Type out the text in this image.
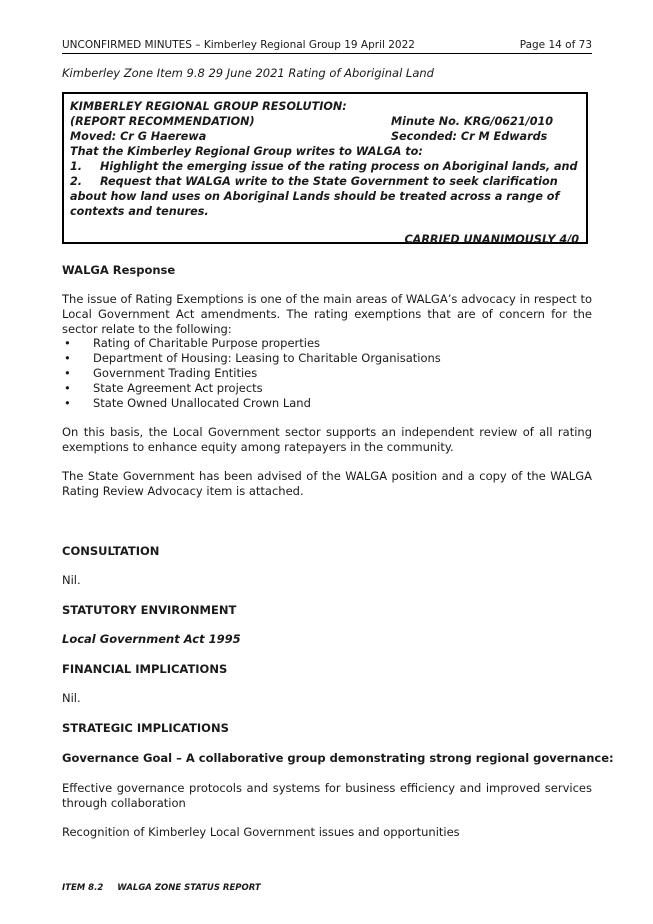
UNCONFIRMED MINUTES – Kimberley Regional Group 19 April 2022	Page 14 of 73
Kimberley Zone Item 9.8 29 June 2021 Rating of Aboriginal Land
KIMBERLEY REGIONAL GROUP RESOLUTION:
(REPORT RECOMMENDATION)	Minute No. KRG/0621/010
Moved: Cr G Haerewa	Seconded: Cr M Edwards
That the Kimberley Regional Group writes to WALGA to:
1. Highlight the emerging issue of the rating process on Aboriginal lands, and
2. Request that WALGA write to the State Government to seek clarification about how land uses on Aboriginal Lands should be treated across a range of contexts and tenures.
CARRIED UNANIMOUSLY 4/0
WALGA Response
The issue of Rating Exemptions is one of the main areas of WALGA’s advocacy in respect to Local Government Act amendments. The rating exemptions that are of concern for the sector relate to the following:
• Rating of Charitable Purpose properties
• Department of Housing: Leasing to Charitable Organisations
• Government Trading Entities
• State Agreement Act projects
• State Owned Unallocated Crown Land
On this basis, the Local Government sector supports an independent review of all rating exemptions to enhance equity among ratepayers in the community.
The State Government has been advised of the WALGA position and a copy of the WALGA Rating Review Advocacy item is attached.
CONSULTATION
Nil.
STATUTORY ENVIRONMENT
Local Government Act 1995
FINANCIAL IMPLICATIONS
Nil.
STRATEGIC IMPLICATIONS
Governance Goal – A collaborative group demonstrating strong regional governance:
Effective governance protocols and systems for business efficiency and improved services through collaboration
Recognition of Kimberley Local Government issues and opportunities
ITEM 8.2 WALGA ZONE STATUS REPORT
